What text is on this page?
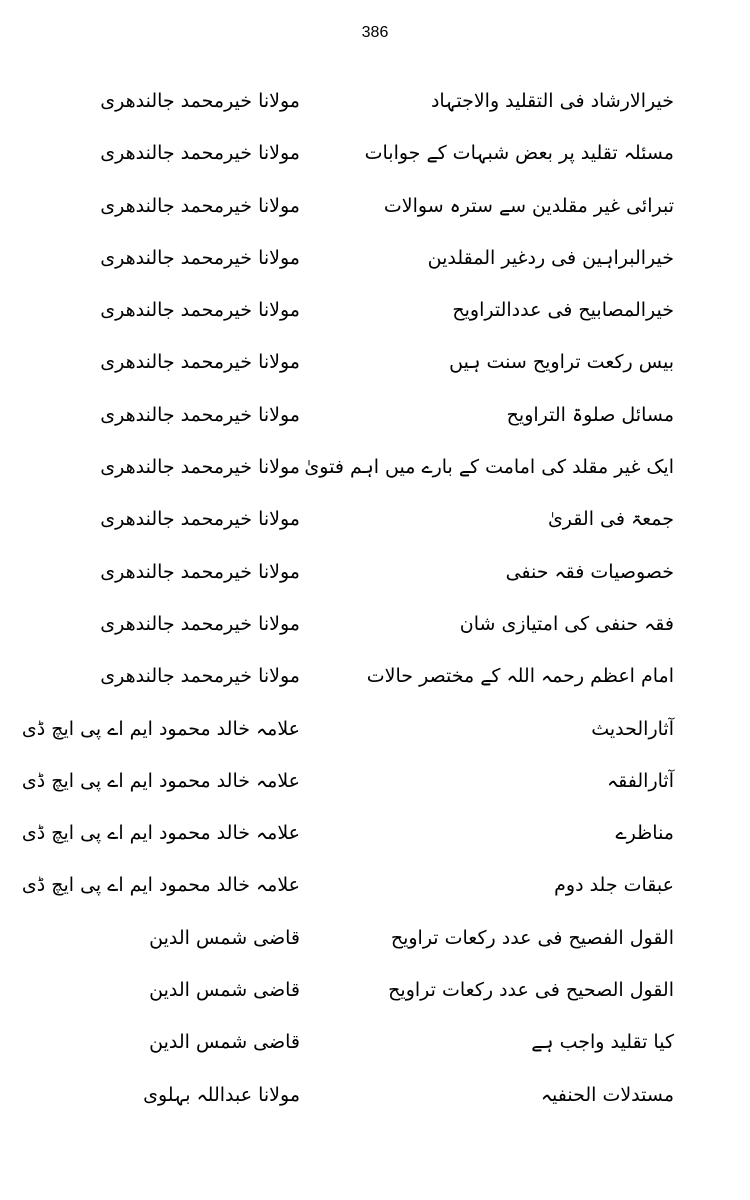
386
خیرالارشاد فی التقلید والاجتہاد
مولانا خیرمحمد جالندھری
مسئلہ تقلید پر بعض شبہات کے جوابات
مولانا خیرمحمد جالندھری
تبرائی غیر مقلدین سے سترہ سوالات
مولانا خیرمحمد جالندھری
خیرالبراہین فی ردغیر المقلدین
مولانا خیرمحمد جالندھری
خیرالمصابیح فی عددالتراویح
مولانا خیرمحمد جالندھری
بیس رکعت تراویح سنت ہیں
مولانا خیرمحمد جالندھری
مسائل صلوۃ التراویح
مولانا خیرمحمد جالندھری
ایک غیر مقلد کی امامت کے بارے میں اہم فتویٰ
مولانا خیرمحمد جالندھری
جمعۃ فی القریٰ
مولانا خیرمحمد جالندھری
خصوصیات فقہ حنفی
مولانا خیرمحمد جالندھری
فقہ حنفی کی امتیازی شان
مولانا خیرمحمد جالندھری
امام اعظم رحمہ اللہ کے مختصر حالات
مولانا خیرمحمد جالندھری
آثارالحدیث
علامہ خالد محمود ایم اے پی ایچ ڈی
آثارالفقہ
علامہ خالد محمود ایم اے پی ایچ ڈی
مناظرے
علامہ خالد محمود ایم اے پی ایچ ڈی
عبقات جلد دوم
علامہ خالد محمود ایم اے پی ایچ ڈی
القول الفصیح فی عدد رکعات تراویح
قاضی شمس الدین
القول الصحیح فی عدد رکعات تراویح
قاضی شمس الدین
کیا تقلید واجب ہے
قاضی شمس الدین
مستدلات الحنفیہ
مولانا عبداللہ بہلوی
